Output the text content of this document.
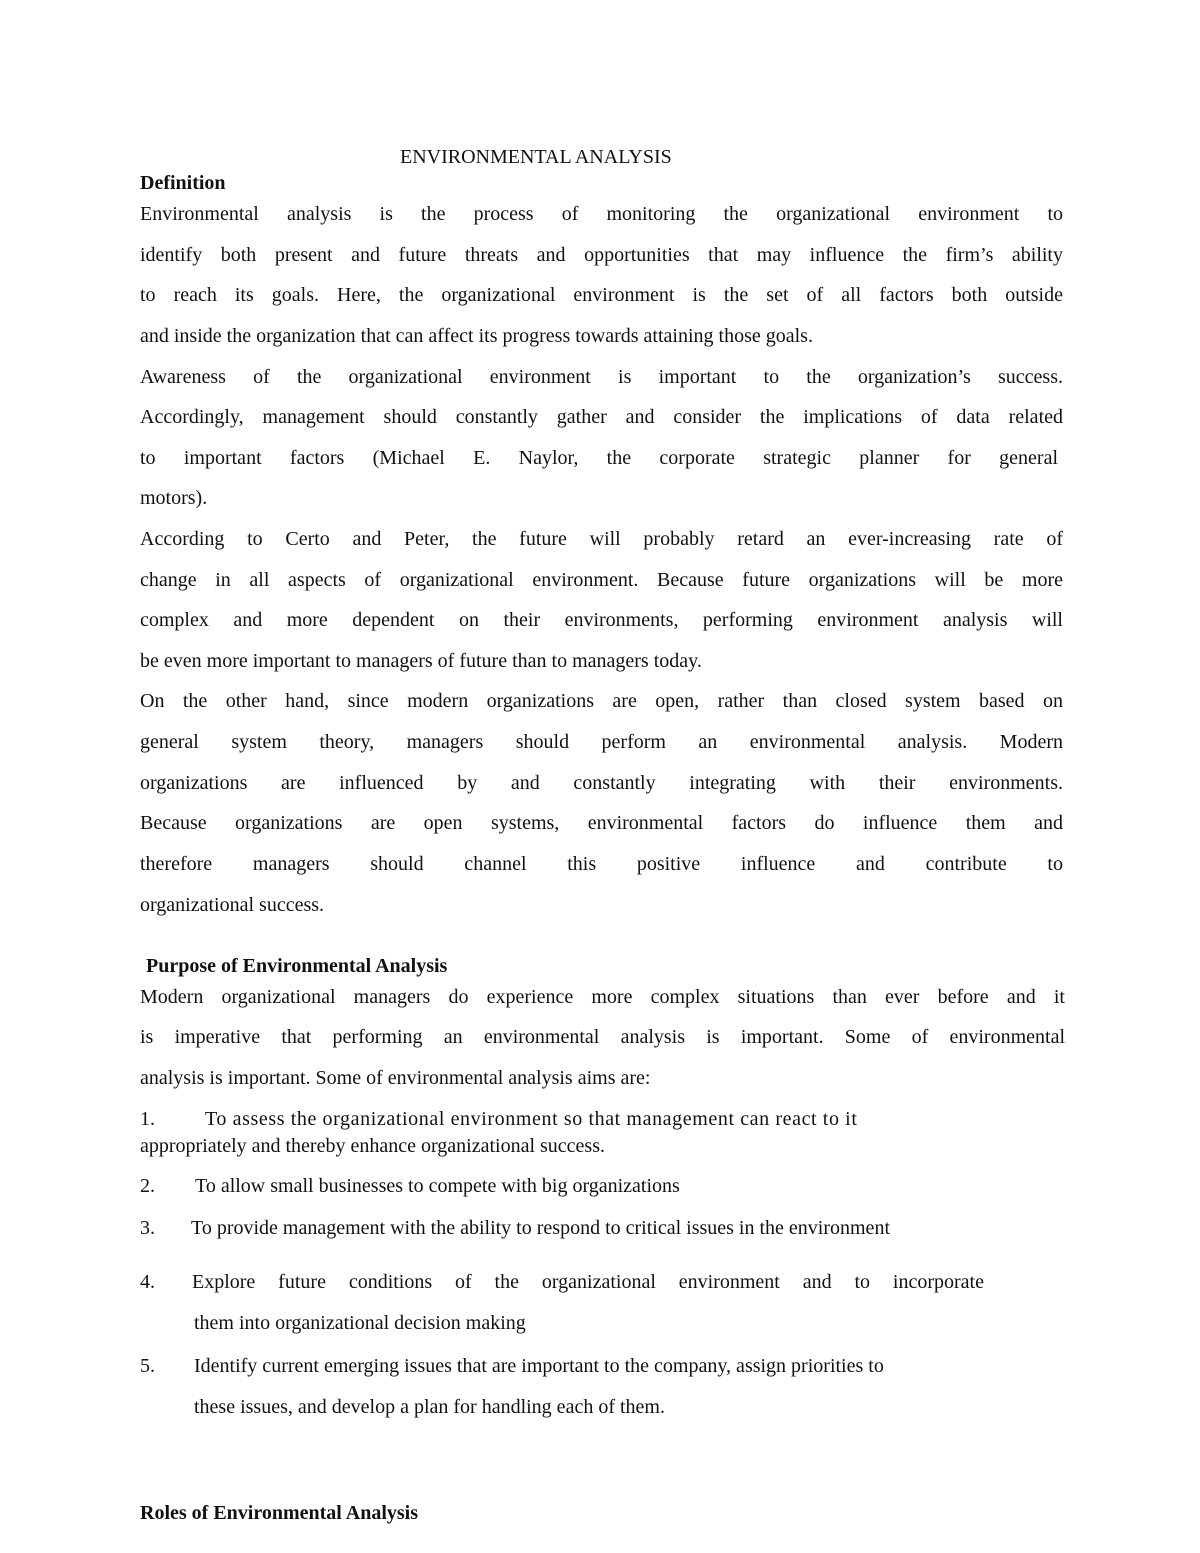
ENVIRONMENTAL ANALYSIS
Definition
Environmental analysis is the process of monitoring the organizational environment to
identify both present and future threats and opportunities that may influence the firm’s ability
to reach its goals. Here, the organizational environment is the set of all factors both outside
and inside the organization that can affect its progress towards attaining those goals.
Awareness of the organizational environment is important to the organization’s success.
Accordingly, management should constantly gather and consider the implications of data related
to important factors (Michael E. Naylor, the corporate strategic planner for general
motors).
According to Certo and Peter, the future will probably retard an ever-increasing rate of
change in all aspects of organizational environment. Because future organizations will be more
complex and more dependent on their environments, performing environment analysis will
be even more important to managers of future than to managers today.
On the other hand, since modern organizations are open, rather than closed system based on
general system theory, managers should perform an environmental analysis. Modern
organizations are influenced by and constantly integrating with their environments.
Because organizations are open systems, environmental factors do influence them and
therefore managers should channel this positive influence and contribute to
organizational success.
Purpose of Environmental Analysis
Modern organizational managers do experience more complex situations than ever before and it
is imperative that performing an environmental analysis is important. Some of environmental
analysis is important. Some of environmental analysis aims are:
1.	To assess the organizational environment so that management can react to it
appropriately and thereby enhance organizational success.
2. To allow small businesses to compete with big organizations
3. To provide management with the ability to respond to critical issues in the environment
4. Explore future conditions of the organizational environment and to incorporate
them into organizational decision making
5. Identify current emerging issues that are important to the company, assign priorities to
these issues, and develop a plan for handling each of them.
Roles of Environmental Analysis
